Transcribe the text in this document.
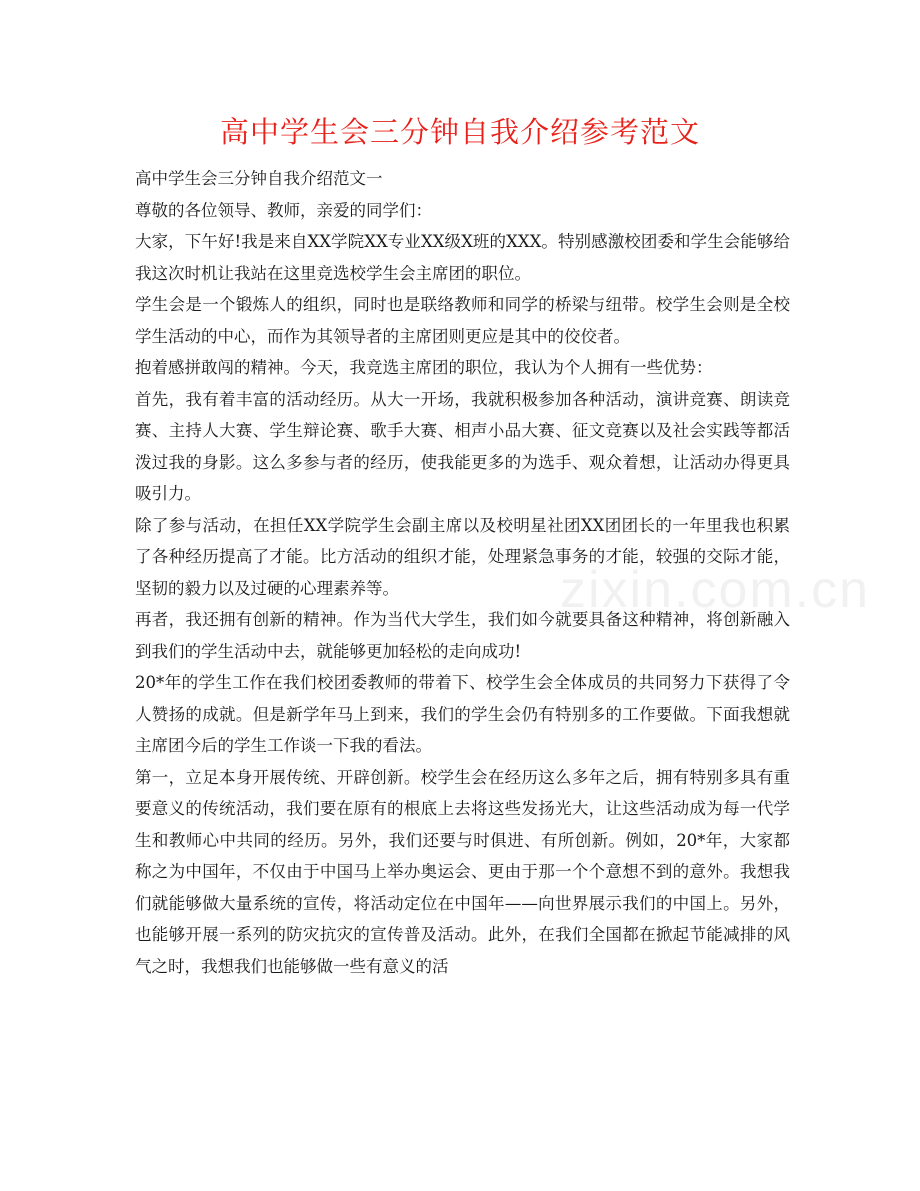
高中学生会三分钟自我介绍参考范文
zixin.com.cn

高中学生会三分钟自我介绍范文一

尊敬的各位领导、教师，亲爱的同学们：

大家，下午好!我是来自XX学院XX专业XX级X班的XXX。特别感激校团委和学生会能够给我这次时机让我站在这里竞选校学生会主席团的职位。

学生会是一个锻炼人的组织，同时也是联络教师和同学的桥梁与纽带。校学生会则是全校学生活动的中心，而作为其领导者的主席团则更应是其中的佼佼者。

抱着感拼敢闯的精神。今天，我竞选主席团的职位，我认为个人拥有一些优势：

首先，我有着丰富的活动经历。从大一开场，我就积极参加各种活动，演讲竞赛、朗读竞赛、主持人大赛、学生辩论赛、歌手大赛、相声小品大赛、征文竞赛以及社会实践等都活泼过我的身影。这么多参与者的经历，使我能更多的为选手、观众着想，让活动办得更具吸引力。

除了参与活动，在担任XX学院学生会副主席以及校明星社团XX团团长的一年里我也积累了各种经历提高了才能。比方活动的组织才能，处理紧急事务的才能，较强的交际才能，坚韧的毅力以及过硬的心理素养等。

再者，我还拥有创新的精神。作为当代大学生，我们如今就要具备这种精神，将创新融入到我们的学生活动中去，就能够更加轻松的走向成功!

20*年的学生工作在我们校团委教师的带着下、校学生会全体成员的共同努力下获得了令人赞扬的成就。但是新学年马上到来，我们的学生会仍有特别多的工作要做。下面我想就主席团今后的学生工作谈一下我的看法。

第一，立足本身开展传统、开辟创新。校学生会在经历这么多年之后，拥有特别多具有重要意义的传统活动，我们要在原有的根底上去将这些发扬光大，让这些活动成为每一代学生和教师心中共同的经历。另外，我们还要与时俱进、有所创新。例如，20*年，大家都称之为中国年，不仅由于中国马上举办奥运会、更由于那一个个意想不到的意外。我想我们就能够做大量系统的宣传，将活动定位在中国年——向世界展示我们的中国上。另外，也能够开展一系列的防灾抗灾的宣传普及活动。此外，在我们全国都在掀起节能减排的风气之时，我想我们也能够做一些有意义的活
